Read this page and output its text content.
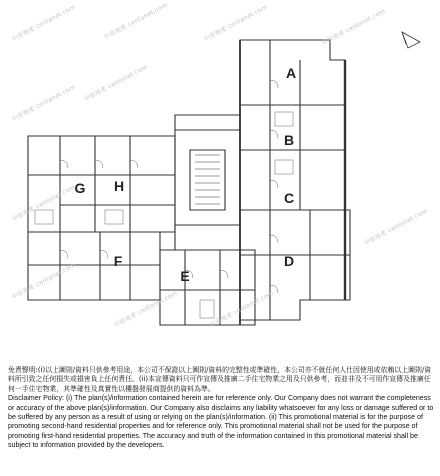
A
B
C
D
E
F
G H
中原地產 centanet.com	中原地產 centanet.com	中原地產 centanet.com	中原地產 centanet.com
中原地產 centanet.com
中原地產 centanet.com
中原地產 centanet.com
中原地產 centanet.com
中原地產 centanet.com	中原地產 centanet.com
中原地產 centanet.com

免責聲明:(i)以上圖則/資料只供參考用途，本公司不保證以上圖則/資料的完整性或準確性，本公司亦不就任何人仕因使用或依賴以上圖則/資料所引致之任何損失或損害負上任何責任。(ii)本宣傳資料只可作宣傳及推廣二手住宅物業之用及只供參考，而並非及不可用作宣傳及推廣任何一手住宅物業，其準確性及真實性以樓盤發展商提供的資料為準。

Disclaimer Policy: (i) The plan(s)/information contained herein are for reference only. Our Company does not warrant the completeness or accuracy of the above plan(s)/information. Our Company also disclaims any liability whatsoever for any loss or damage suffered or to be suffered by any person as a result of using or relying on the plan(s)/information. (ii) This promotional material is for the purpose of promoting second-hand residential properties and for reference only. This promotional material shall not be used for the purpose of promoting first-hand residential properties. The accuracy and truth of the information contained in this promotional material shall be subject to information provided by the developers.
